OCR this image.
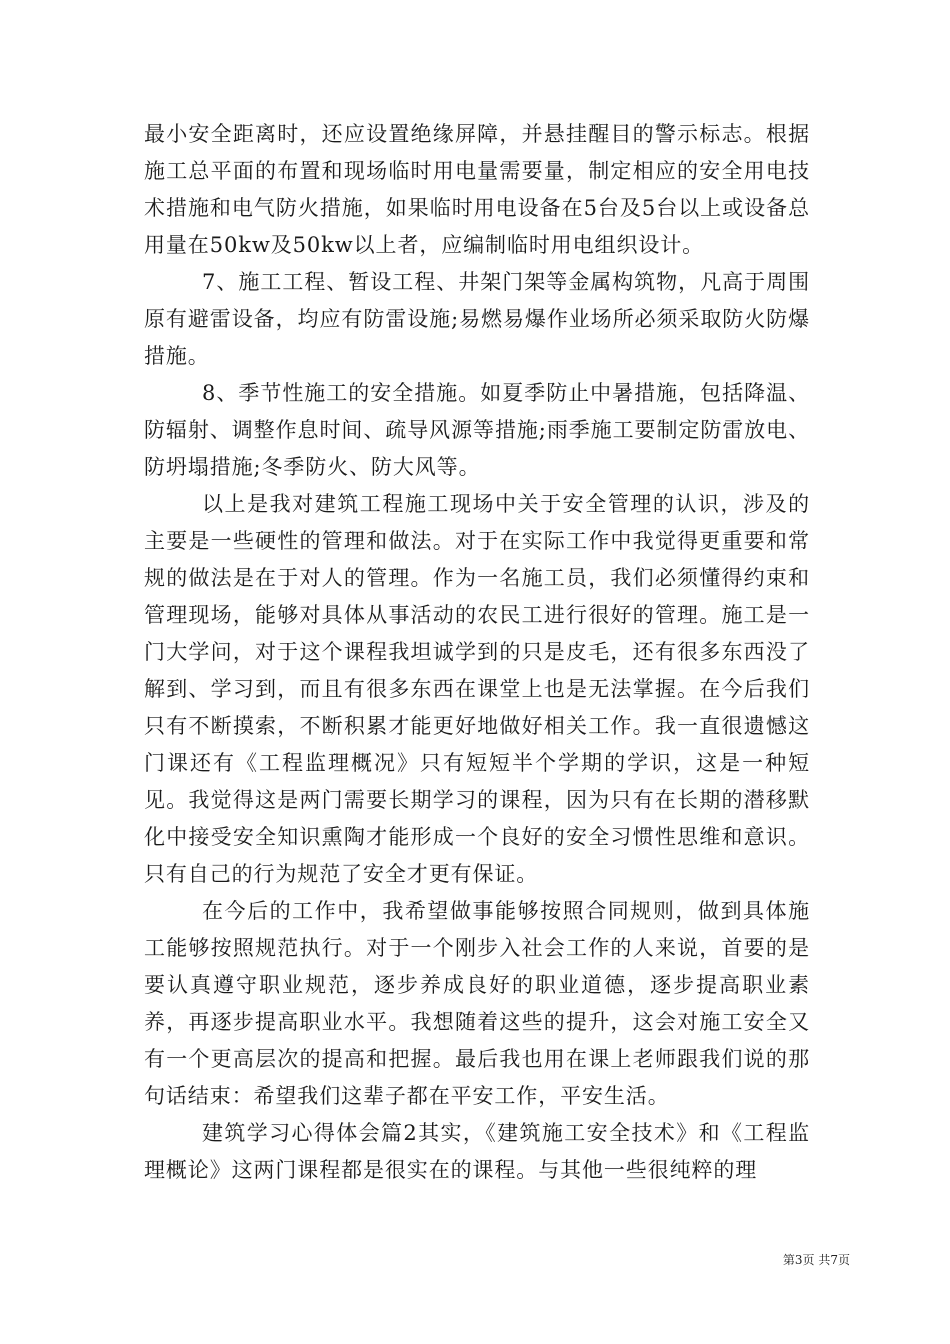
最小安全距离时，还应设置绝缘屏障，并悬挂醒目的警示标志。根据施工总平面的布置和现场临时用电量需要量，制定相应的安全用电技术措施和电气防火措施，如果临时用电设备在5台及5台以上或设备总用量在50kw及50kw以上者，应编制临时用电组织设计。

7、施工工程、暂设工程、井架门架等金属构筑物，凡高于周围原有避雷设备，均应有防雷设施;易燃易爆作业场所必须采取防火防爆措施。

8、季节性施工的安全措施。如夏季防止中暑措施，包括降温、防辐射、调整作息时间、疏导风源等措施;雨季施工要制定防雷放电、防坍塌措施;冬季防火、防大风等。

以上是我对建筑工程施工现场中关于安全管理的认识，涉及的主要是一些硬性的管理和做法。对于在实际工作中我觉得更重要和常规的做法是在于对人的管理。作为一名施工员，我们必须懂得约束和管理现场，能够对具体从事活动的农民工进行很好的管理。施工是一门大学问，对于这个课程我坦诚学到的只是皮毛，还有很多东西没了解到、学习到，而且有很多东西在课堂上也是无法掌握。在今后我们只有不断摸索，不断积累才能更好地做好相关工作。我一直很遗憾这门课还有《工程监理概况》只有短短半个学期的学识，这是一种短见。我觉得这是两门需要长期学习的课程，因为只有在长期的潜移默化中接受安全知识熏陶才能形成一个良好的安全习惯性思维和意识。只有自己的行为规范了安全才更有保证。

在今后的工作中，我希望做事能够按照合同规则，做到具体施工能够按照规范执行。对于一个刚步入社会工作的人来说，首要的是要认真遵守职业规范，逐步养成良好的职业道德，逐步提高职业素养，再逐步提高职业水平。我想随着这些的提升，这会对施工安全又有一个更高层次的提高和把握。最后我也用在课上老师跟我们说的那句话结束：希望我们这辈子都在平安工作，平安生活。

建筑学习心得体会篇2其实，《建筑施工安全技术》和《工程监理概论》这两门课程都是很实在的课程。与其他一些很纯粹的理

第3页 共7页
